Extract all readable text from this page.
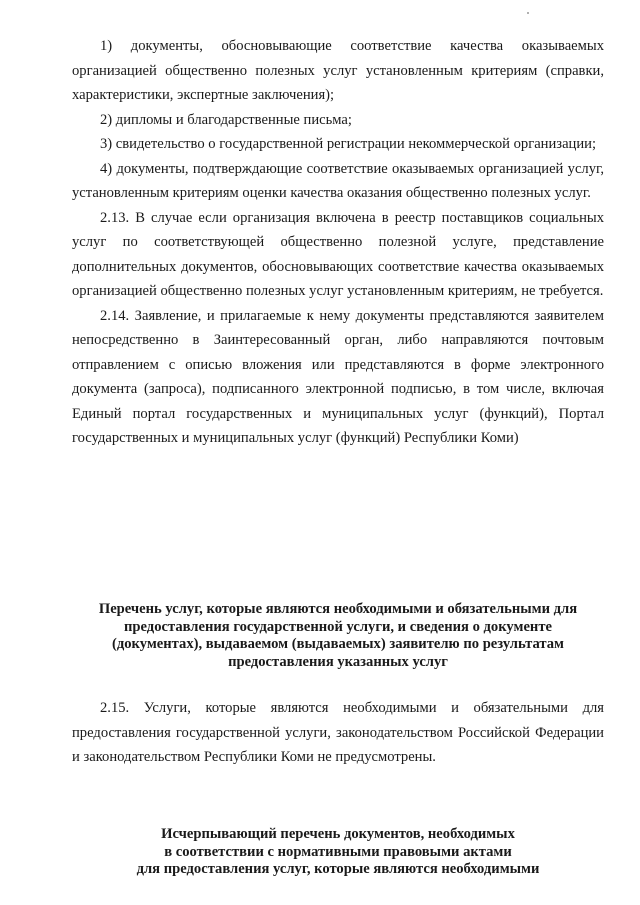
1) документы, обосновывающие соответствие качества оказываемых организацией общественно полезных услуг установленным критериям (справки, характеристики, экспертные заключения);

2) дипломы и благодарственные письма;

3) свидетельство о государственной регистрации некоммерческой организации;

4) документы, подтверждающие соответствие оказываемых организацией услуг, установленным критериям оценки качества оказания общественно полезных услуг.

2.13. В случае если организация включена в реестр поставщиков социальных услуг по соответствующей общественно полезной услуге, представление дополнительных документов, обосновывающих соответствие качества оказываемых организацией общественно полезных услуг установленным критериям, не требуется.

2.14. Заявление, и прилагаемые к нему документы представляются заявителем непосредственно в Заинтересованный орган, либо направляются почтовым отправлением с описью вложения или представляются в форме электронного документа (запроса), подписанного электронной подписью, в том числе, включая Единый портал государственных и муниципальных услуг (функций), Портал государственных и муниципальных услуг (функций) Республики Коми)

Перечень услуг, которые являются необходимыми и обязательными для
предоставления государственной услуги, и сведения о документе
(документах), выдаваемом (выдаваемых) заявителю по результатам
предоставления указанных услуг

2.15. Услуги, которые являются необходимыми и обязательными для предоставления государственной услуги, законодательством Российской Федерации и законодательством Республики Коми не предусмотрены.

Исчерпывающий перечень документов, необходимых
в соответствии с нормативными правовыми актами
для предоставления услуг, которые являются необходимыми
